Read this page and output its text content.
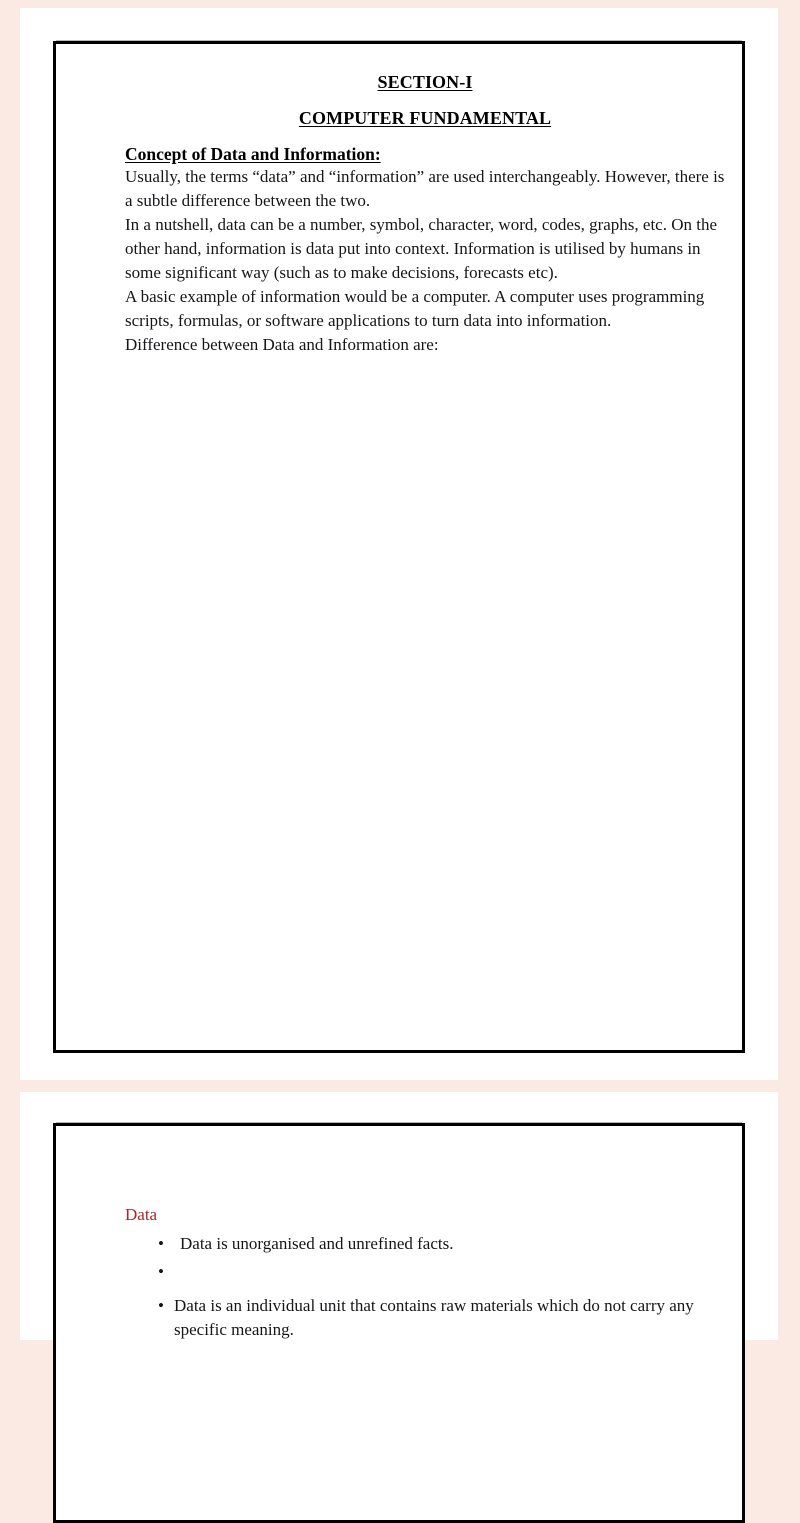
SECTION-I
COMPUTER FUNDAMENTAL
Concept of Data and Information:

Usually, the terms “data” and “information” are used interchangeably. However, there is a subtle difference between the two.

In a nutshell, data can be a number, symbol, character, word, codes, graphs, etc. On the other hand, information is data put into context. Information is utilised by humans in some significant way (such as to make decisions, forecasts etc).

A basic example of information would be a computer. A computer uses programming scripts, formulas, or software applications to turn data into information.

Difference between Data and Information are:

Data

• Data is unorganised and unrefined facts.
•
• Data is an individual unit that contains raw materials which do not carry any specific meaning.
